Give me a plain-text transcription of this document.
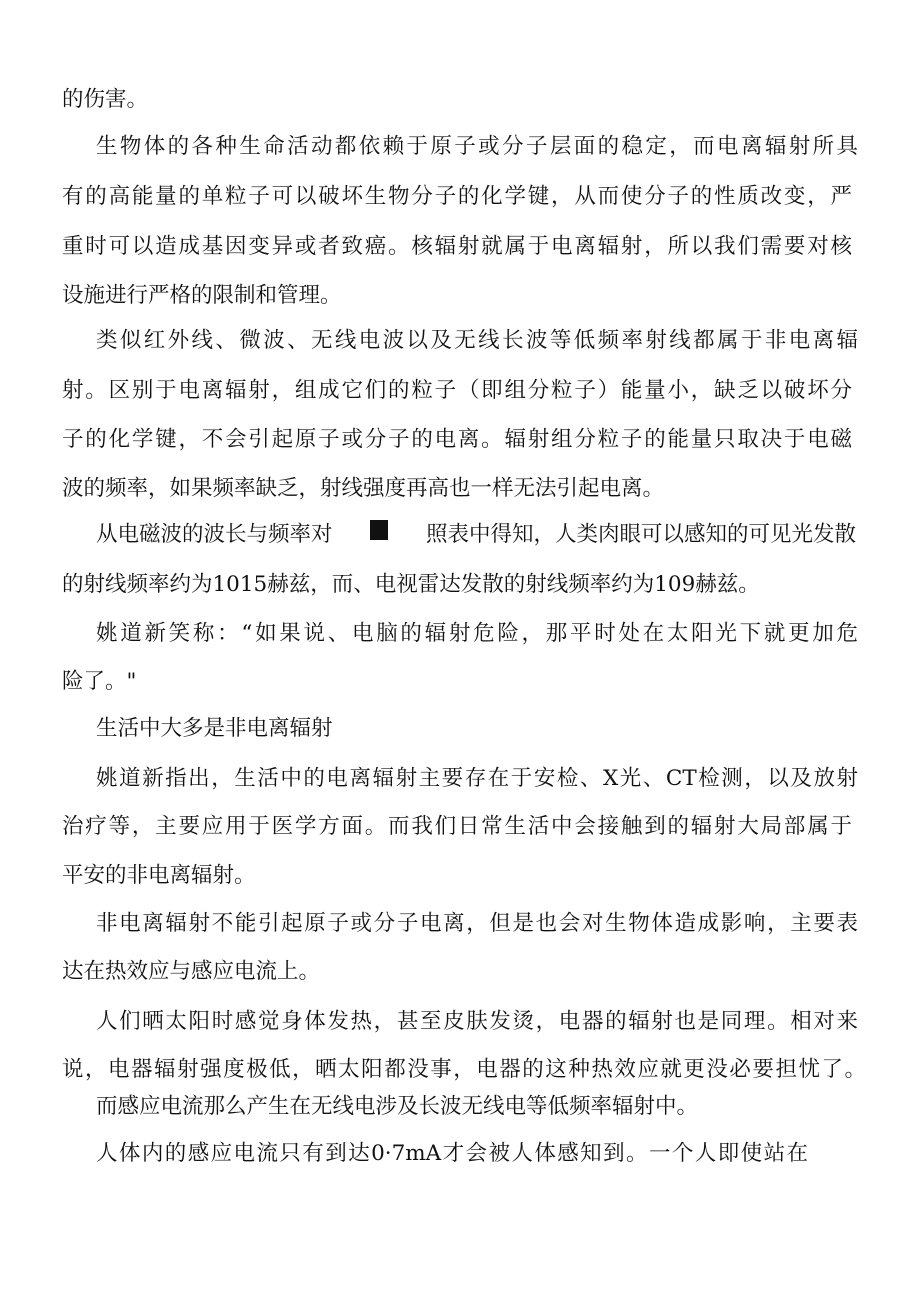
的伤害。
生物体的各种生命活动都依赖于原子或分子层面的稳定，而电离辐射所具
有的高能量的单粒子可以破坏生物分子的化学键，从而使分子的性质改变，严
重时可以造成基因变异或者致癌。核辐射就属于电离辐射，所以我们需要对核
设施进行严格的限制和管理。
类似红外线、微波、无线电波以及无线长波等低频率射线都属于非电离辐
射。区别于电离辐射，组成它们的粒子（即组分粒子）能量小，缺乏以破坏分
子的化学键，不会引起原子或分子的电离。辐射组分粒子的能量只取决于电磁
波的频率，如果频率缺乏，射线强度再高也一样无法引起电离。
从电磁波的波长与频率对	照表中得知，人类肉眼可以感知的可见光发散
的射线频率约为1015赫兹，而、电视雷达发散的射线频率约为109赫兹。
姚道新笑称：“如果说、电脑的辐射危险，那平时处在太阳光下就更加危
险了。"
生活中大多是非电离辐射
姚道新指出，生活中的电离辐射主要存在于安检、X光、CT检测，以及放射
治疗等，主要应用于医学方面。而我们日常生活中会接触到的辐射大局部属于
平安的非电离辐射。
非电离辐射不能引起原子或分子电离，但是也会对生物体造成影响，主要表
达在热效应与感应电流上。
人们晒太阳时感觉身体发热，甚至皮肤发烫，电器的辐射也是同理。相对来
说，电器辐射强度极低，晒太阳都没事，电器的这种热效应就更没必要担忧了。
而感应电流那么产生在无线电涉及长波无线电等低频率辐射中。
人体内的感应电流只有到达0·7mA才会被人体感知到。一个人即使站在
